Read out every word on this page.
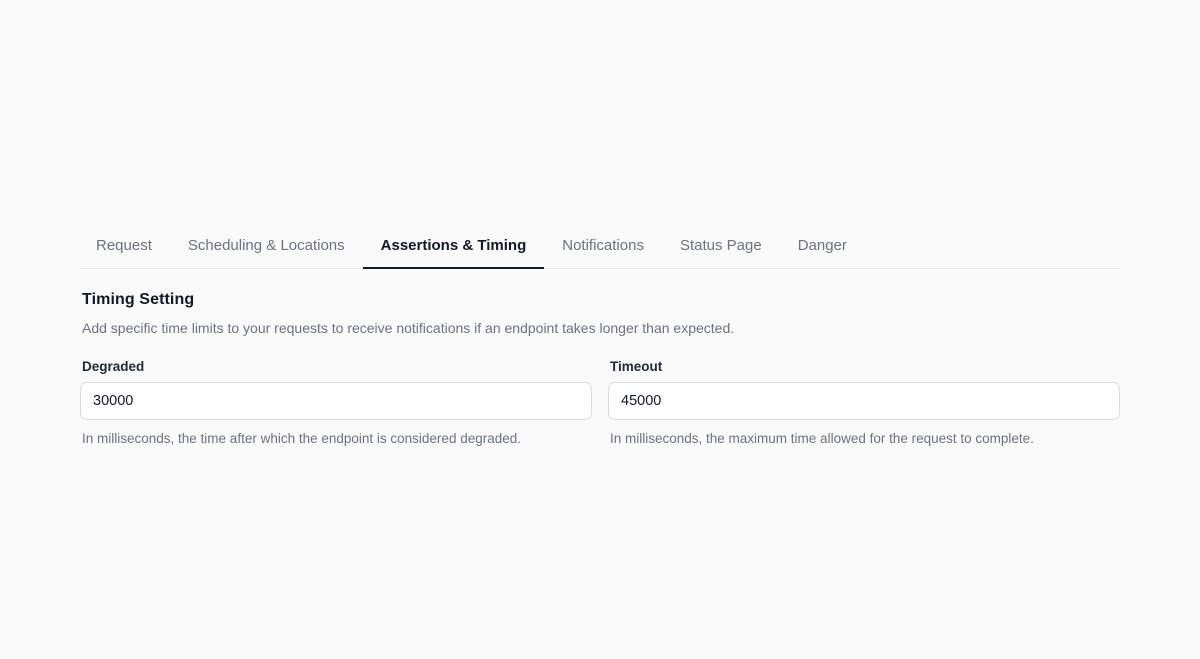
Request	Scheduling & Locations	Assertions & Timing	Notifications	Status Page	Danger
Timing Setting

Add specific time limits to your requests to receive notifications if an endpoint takes longer than expected.

Degraded
30000
In milliseconds, the time after which the endpoint is considered degraded.
Timeout
45000
In milliseconds, the maximum time allowed for the request to complete.
